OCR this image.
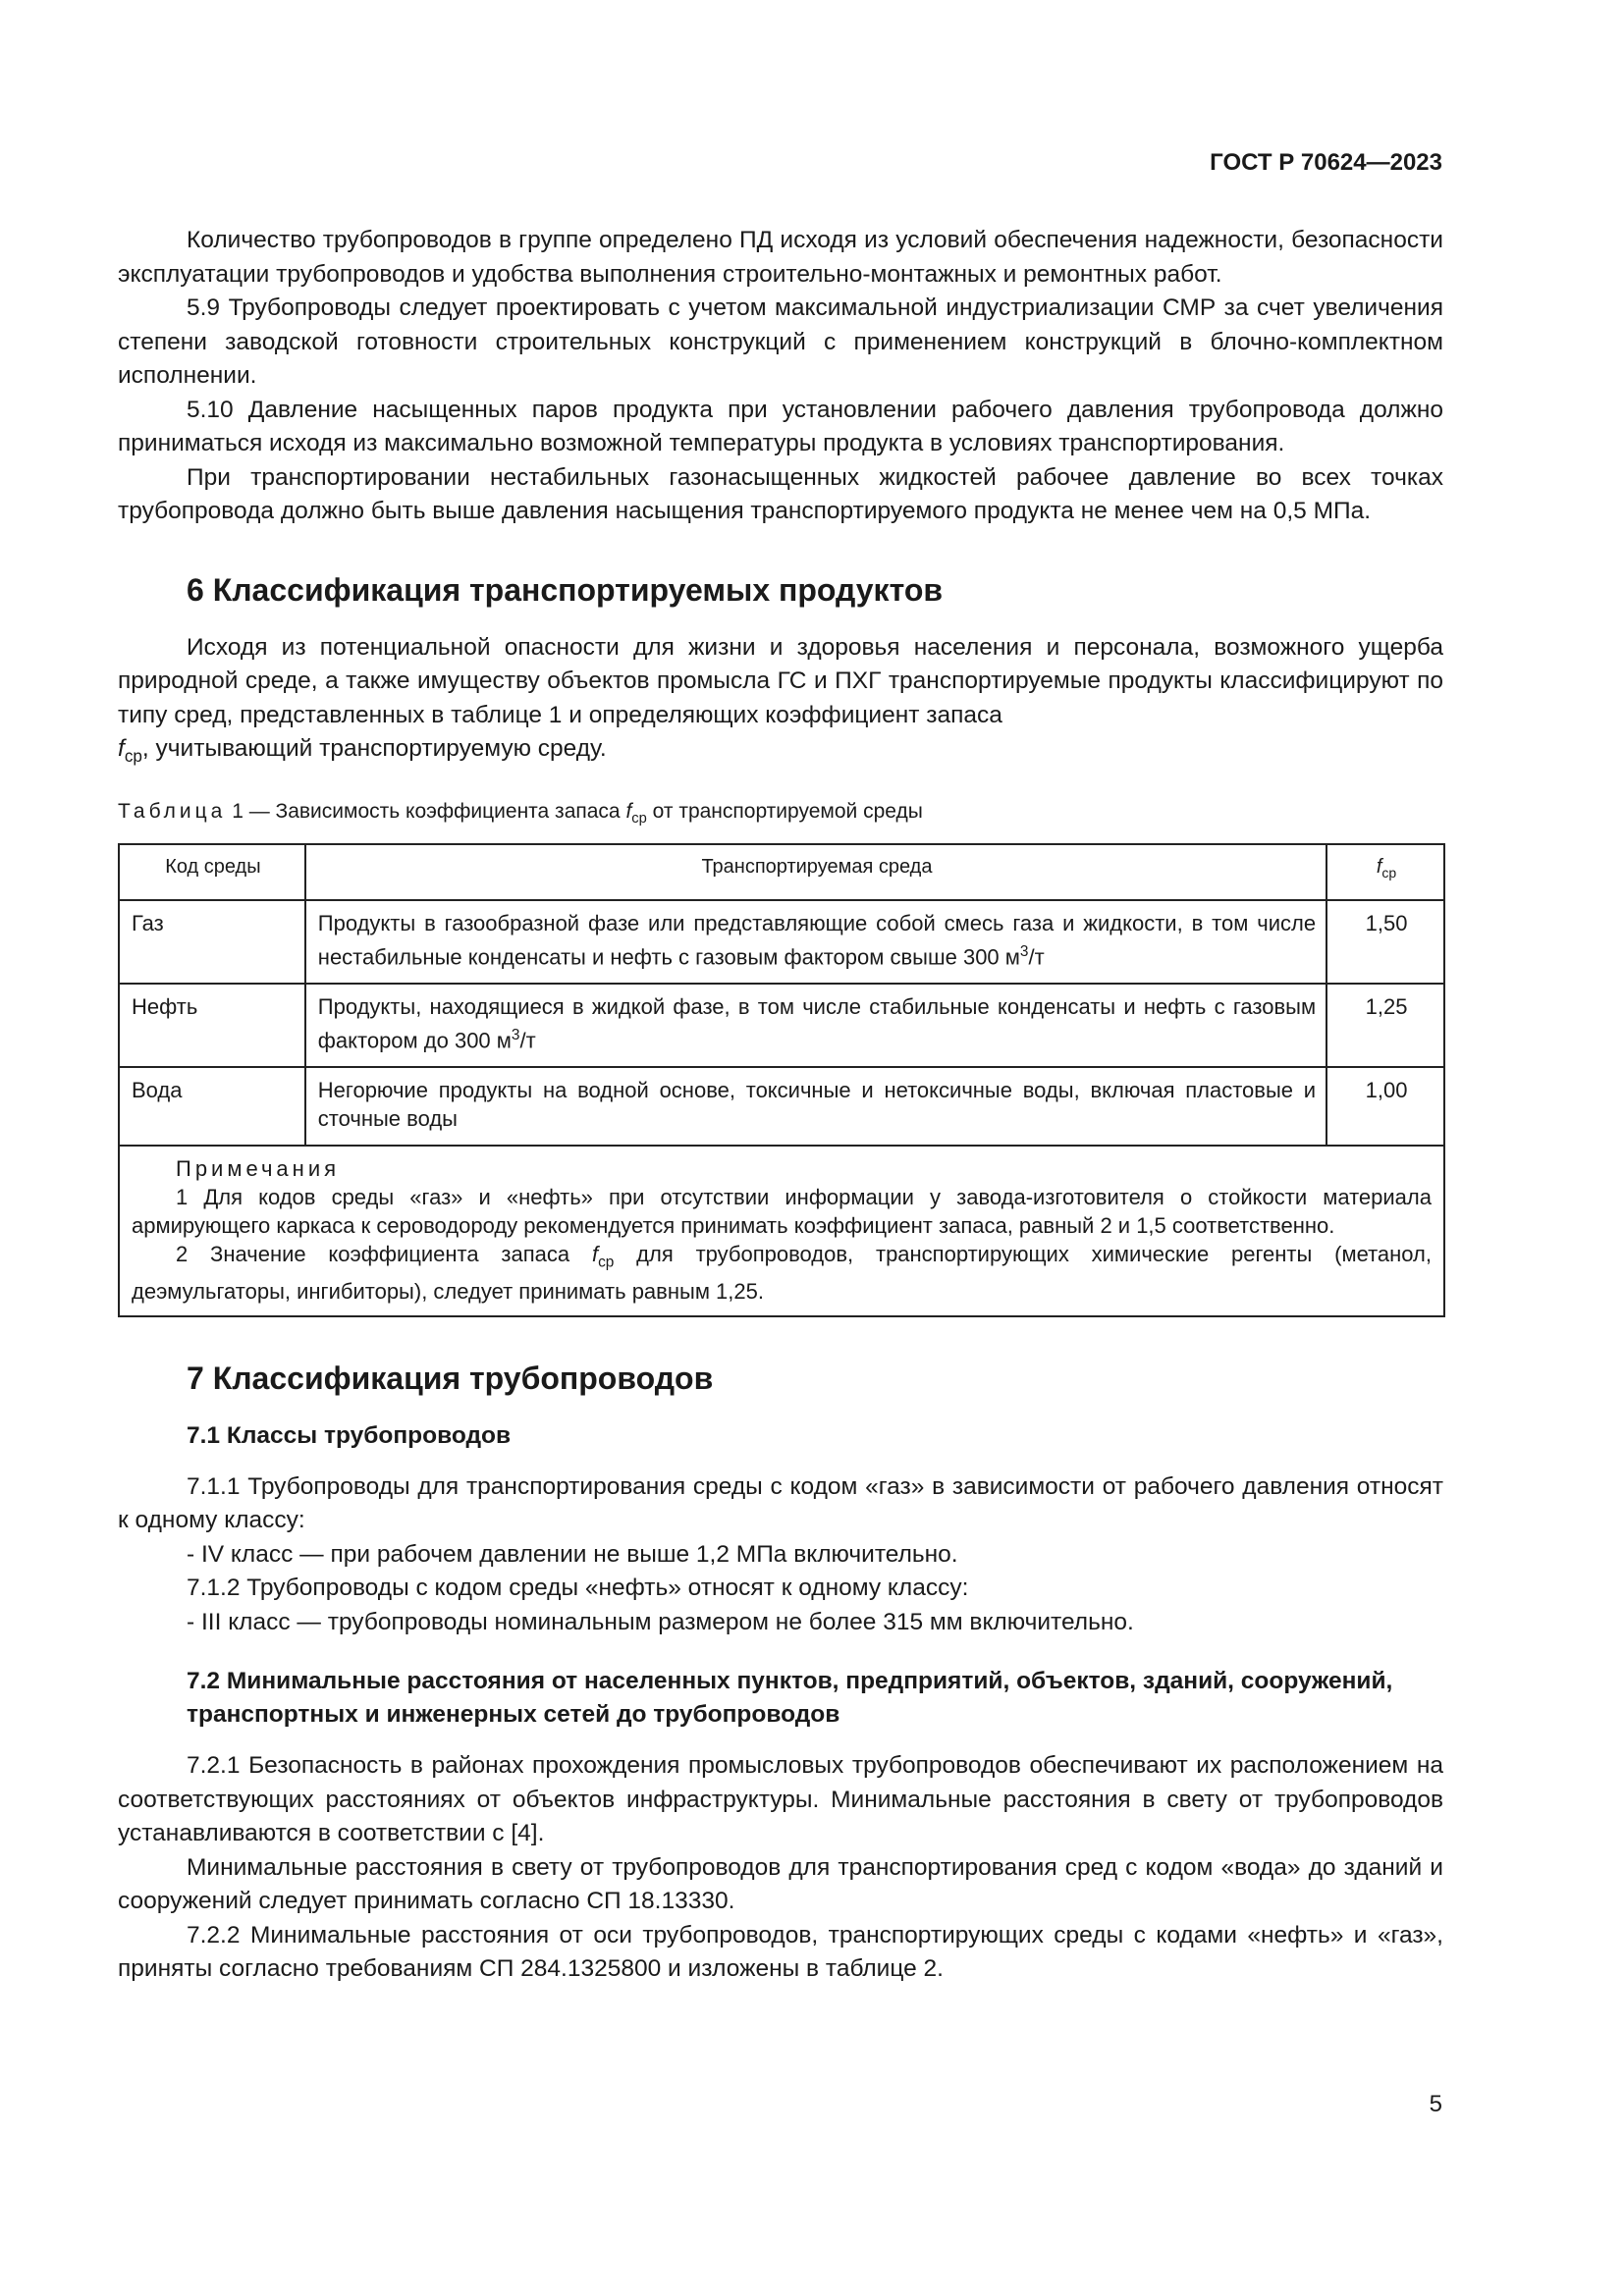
ГОСТ Р 70624—2023

Количество трубопроводов в группе определено ПД исходя из условий обеспечения надежности, безопасности эксплуатации трубопроводов и удобства выполнения строительно-монтажных и ремонтных работ.

5.9 Трубопроводы следует проектировать с учетом максимальной индустриализации СМР за счет увеличения степени заводской готовности строительных конструкций с применением конструкций в блочно-комплектном исполнении.

5.10 Давление насыщенных паров продукта при установлении рабочего давления трубопровода должно приниматься исходя из максимально возможной температуры продукта в условиях транспортирования.

При транспортировании нестабильных газонасыщенных жидкостей рабочее давление во всех точках трубопровода должно быть выше давления насыщения транспортируемого продукта не менее чем на 0,5 МПа.

6 Классификация транспортируемых продуктов

Исходя из потенциальной опасности для жизни и здоровья населения и персонала, возможного ущерба природной среде, а также имуществу объектов промысла ГС и ПХГ транспортируемые продукты классифицируют по типу сред, представленных в таблице 1 и определяющих коэффициент запаса
$f_{ср}$, учитывающий транспортируемую среду.

Таблица 1 — Зависимость коэффициента запаса $f_{ср}$ от транспортируемой среды
Код среды	Транспортируемая среда	$f_{ср}$
Газ	Продукты в газообразной фазе или представляющие собой смесь газа и жидкости, в том числе нестабильные конденсаты и нефть с газовым фактором свыше 300 $м^3/т$	1,50
Нефть	Продукты, находящиеся в жидкой фазе, в том числе стабильные конденсаты и нефть с газовым фактором до 300 $м^3/т$	1,25
Вода	Негорючие продукты на водной основе, токсичные и нетоксичные воды, включая пластовые и сточные воды	1,00

Примечания

1 Для кодов среды «газ» и «нефть» при отсутствии информации у завода-изготовителя о стойкости материала армирующего каркаса к сероводороду рекомендуется принимать коэффициент запаса, равный 2 и 1,5 соответственно.

2 Значение коэффициента запаса $f_{ср}$ для трубопроводов, транспортирующих химические регенты (метанол, деэмульгаторы, ингибиторы), следует принимать равным 1,25.		

7 Классификация трубопроводов
7.1 Классы трубопроводов

7.1.1 Трубопроводы для транспортирования среды с кодом «газ» в зависимости от рабочего давления относят к одному классу:

- IV класс — при рабочем давлении не выше 1,2 МПа включительно.

7.1.2 Трубопроводы с кодом среды «нефть» относят к одному классу:

- III класс — трубопроводы номинальным размером не более 315 мм включительно.

7.2 Минимальные расстояния от населенных пунктов, предприятий, объектов, зданий, сооружений, транспортных и инженерных сетей до трубопроводов

7.2.1 Безопасность в районах прохождения промысловых трубопроводов обеспечивают их расположением на соответствующих расстояниях от объектов инфраструктуры. Минимальные расстояния в свету от трубопроводов устанавливаются в соответствии с [4].

Минимальные расстояния в свету от трубопроводов для транспортирования сред с кодом «вода» до зданий и сооружений следует принимать согласно СП 18.13330.

7.2.2 Минимальные расстояния от оси трубопроводов, транспортирующих среды с кодами «нефть» и «газ», приняты согласно требованиям СП 284.1325800 и изложены в таблице 2.

5
